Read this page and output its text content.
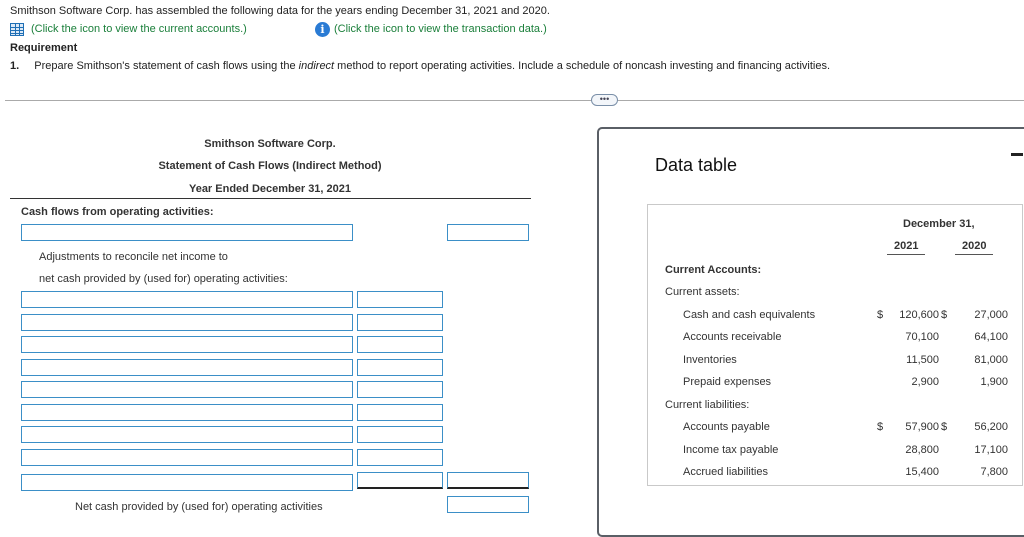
Smithson Software Corp. has assembled the following data for the years ending December 31, 2021 and 2020.
(Click the icon to view the current accounts.)	i (Click the icon to view the transaction data.)
Requirement
1. Prepare Smithson's statement of cash flows using the indirect method to report operating activities. Include a schedule of noncash investing and financing activities.
•••
Smithson Software Corp.
Statement of Cash Flows (Indirect Method)
Year Ended December 31, 2021
Cash flows from operating activities:
Adjustments to reconcile net income to
net cash provided by (used for) operating activities:
Net cash provided by (used for) operating activities
Data table
December 31,
2021	2020
Current Accounts:
Current assets:
Cash and cash equivalents	$	120,600 $	27,000
Accounts receivable	70,100	64,100
Inventories	11,500	81,000
Prepaid expenses	2,900	1,900
Current liabilities:
Accounts payable	$	57,900 $	56,200
Income tax payable	28,800	17,100
Accrued liabilities	15,400	7,800
